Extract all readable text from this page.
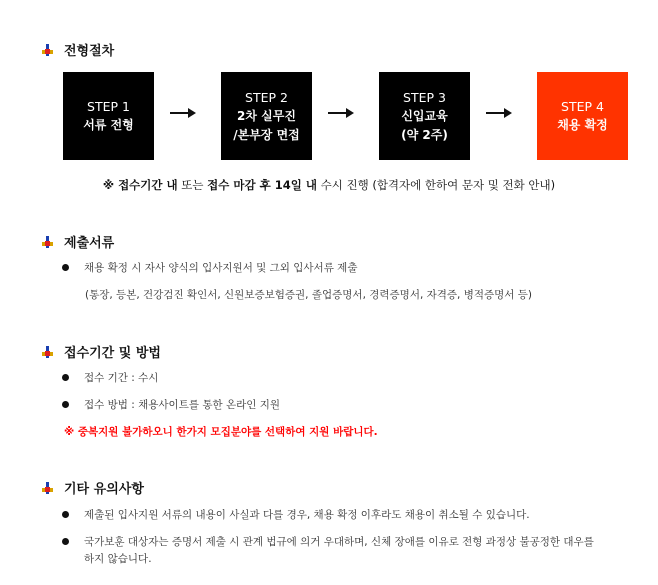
전형절차
STEP 1
서류 전형
STEP 2
2차 실무진
/본부장 면접
STEP 3
신입교육
(약 2주)
STEP 4
채용 확정
※ 접수기간 내 또는 접수 마감 후 14일 내 수시 진행 (합격자에 한하여 문자 및 전화 안내)
제출서류
채용 확정 시 자사 양식의 입사지원서 및 그외 입사서류 제출
(통장, 등본, 건강검진 확인서, 신원보증보험증권, 졸업증명서, 경력증명서, 자격증, 병적증명서 등)
접수기간 및 방법
접수 기간 : 수시
접수 방법 : 채용사이트를 통한 온라인 지원
※ 중복지원 불가하오니 한가지 모집분야를 선택하여 지원 바랍니다.
기타 유의사항
제출된 입사지원 서류의 내용이 사실과 다를 경우, 채용 확정 이후라도 채용이 취소될 수 있습니다.
국가보훈 대상자는 증명서 제출 시 관계 법규에 의거 우대하며, 신체 장애를 이유로 전형 과정상 불공정한 대우를
하지 않습니다.
